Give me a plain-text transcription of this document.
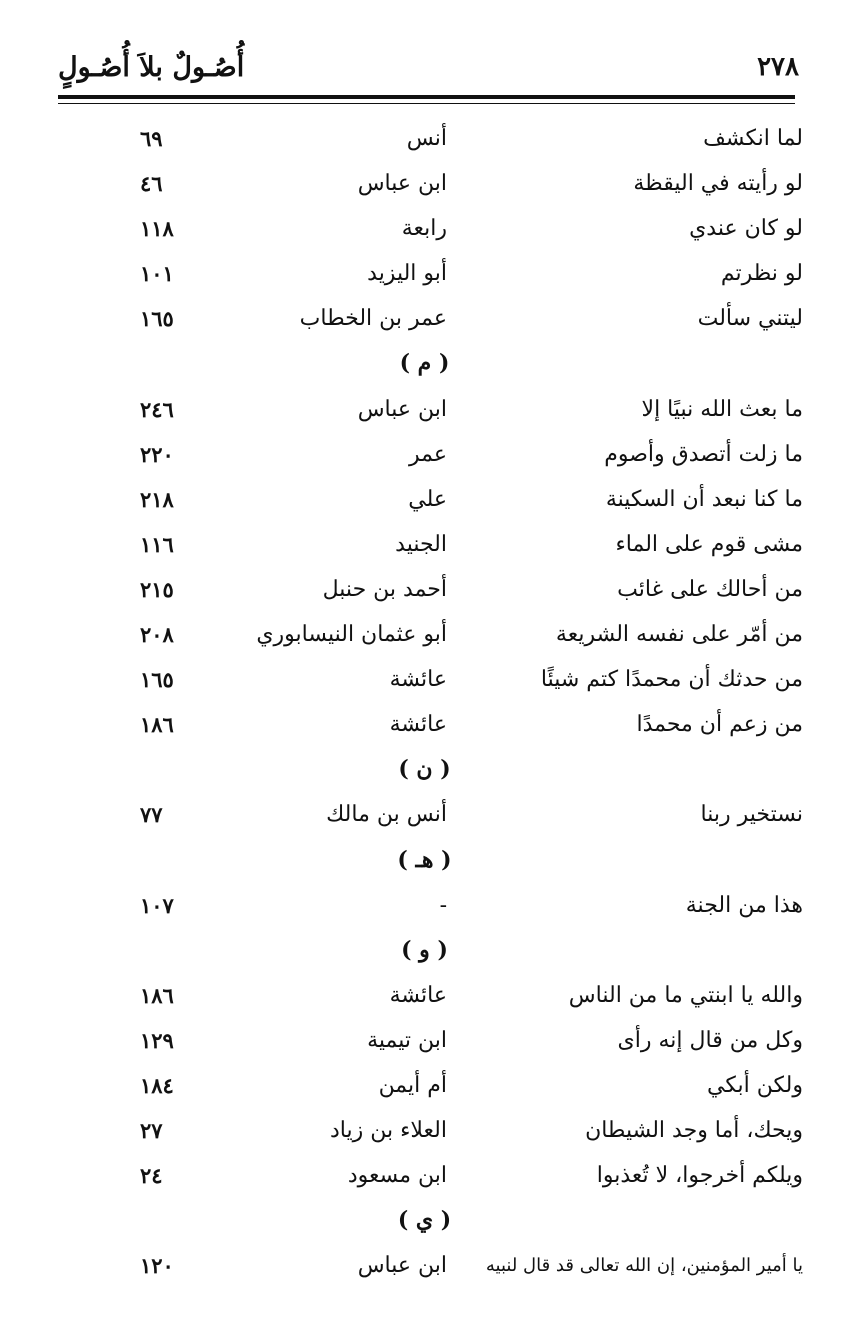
أُصُـولٌ بلاَ أُصُـولٍ	٢٧٨
لما انكشف
أنس
٦٩
لو رأيته في اليقظة
ابن عباس
٤٦
لو كان عندي
رابعة
١١٨
لو نظرتم
أبو اليزيد
١٠١
ليتني سألت
عمر بن الخطاب
١٦٥
( م )
ما بعث الله نبيًا إلا
ابن عباس
٢٤٦
ما زلت أتصدق وأصوم
عمر
٢٢٠
ما كنا نبعد أن السكينة
علي
٢١٨
مشى قوم على الماء
الجنيد
١١٦
من أحالك على غائب
أحمد بن حنبل
٢١٥
من أمّر على نفسه الشريعة
أبو عثمان النيسابوري
٢٠٨
من حدثك أن محمدًا كتم شيئًا
عائشة
١٦٥
من زعم أن محمدًا
عائشة
١٨٦
( ن )
نستخير ربنا
أنس بن مالك
٧٧
( هـ )
هذا من الجنة
-
١٠٧
( و )
والله يا ابنتي ما من الناس
عائشة
١٨٦
وكل من قال إنه رأى
ابن تيمية
١٢٩
ولكن أبكي
أم أيمن
١٨٤
ويحك، أما وجد الشيطان
العلاء بن زياد
٢٧
ويلكم أخرجوا، لا تُعذبوا
ابن مسعود
٢٤
( ي )
يا أمير المؤمنين، إن الله تعالى قد قال لنبيه
ابن عباس
١٢٠
